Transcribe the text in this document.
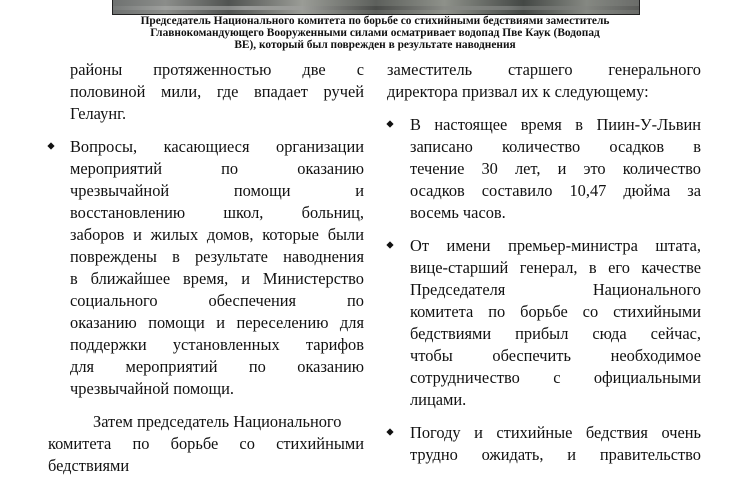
Председатель Национального комитета по борьбе со стихийными бедствиями заместитель
Главнокомандующего Вооруженными силами осматривает водопад Пве Каук (Водопад
ВЕ), который был поврежден в результате наводнения
районы протяженностью две с
половиной мили, где впадает ручей
Гелаунг.
Вопросы, касающиеся организации
мероприятий по оказанию
чрезвычайной помощи и
восстановлению школ, больниц,
заборов и жилых домов, которые были
повреждены в результате наводнения
в ближайшее время, и Министерство
социального обеспечения по
оказанию помощи и переселению для
поддержки установленных тарифов
для мероприятий по оказанию
чрезвычайной помощи.
Затем председатель Национального
комитета по борьбе со стихийными
бедствиями
заместитель старшего генерального
директора призвал их к следующему:
В настоящее время в Пиин-У-Львин
записано количество осадков в
течение 30 лет, и это количество
осадков составило 10,47 дюйма за
восемь часов.
От имени премьер-министра штата,
вице-старший генерал, в его качестве
Председателя Национального
комитета по борьбе со стихийными
бедствиями прибыл сюда сейчас,
чтобы обеспечить необходимое
сотрудничество с официальными
лицами.
Погоду и стихийные бедствия очень
трудно ожидать, и правительство
